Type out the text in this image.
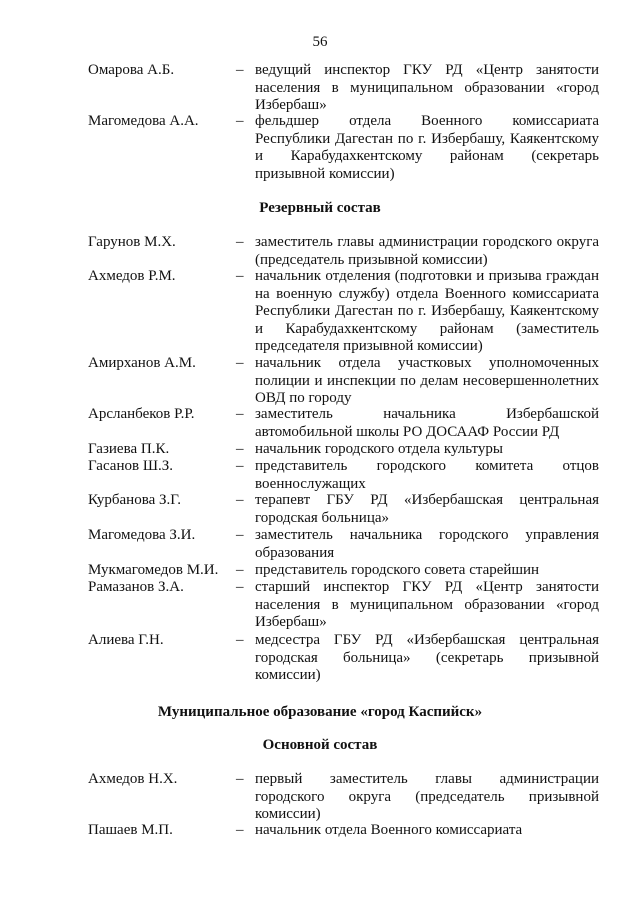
56
Омарова А.Б.	– ведущий инспектор ГКУ РД «Центр занятости населения в муниципальном образовании «город Избербаш»
Магомедова А.А. – фельдшер отдела Военного комиссариата Республики Дагестан по г. Избербашу, Каякентскому и Карабудахкентскому районам (секретарь призывной комиссии)
Резервный состав
Гарунов М.Х.	– заместитель главы администрации городского округа (председатель призывной комиссии)
Ахмедов Р.М.	– начальник отделения (подготовки и призыва граждан на военную службу) отдела Военного комиссариата Республики Дагестан по г. Избербашу, Каякентскому и Карабудахкентскому районам (заместитель председателя призывной комиссии)
Амирханов А.М.	– начальник отдела участковых уполномоченных полиции и инспекции по делам несовершеннолетних ОВД по городу
Арсланбеков Р.Р.	– заместитель начальника Избербашской автомобильной школы РО ДОСААФ России РД
Газиева П.К.	– начальник городского отдела культуры
Гасанов Ш.З.	– представитель городского комитета отцов военнослужащих
Курбанова З.Г.	– терапевт ГБУ РД «Избербашская центральная городская больница»
Магомедова З.И.	– заместитель начальника городского управления образования
Мукмагомедов М.И. – представитель городского совета старейшин
Рамазанов З.А.	– старший инспектор ГКУ РД «Центр занятости населения в муниципальном образовании «город Избербаш»
Алиева Г.Н.	– медсестра ГБУ РД «Избербашская центральная городская больница» (секретарь призывной комиссии)
Муниципальное образование «город Каспийск»
Основной состав
Ахмедов Н.Х.	– первый заместитель главы администрации городского округа (председатель призывной комиссии)
Пашаев М.П.	– начальник отдела Военного комиссариата
